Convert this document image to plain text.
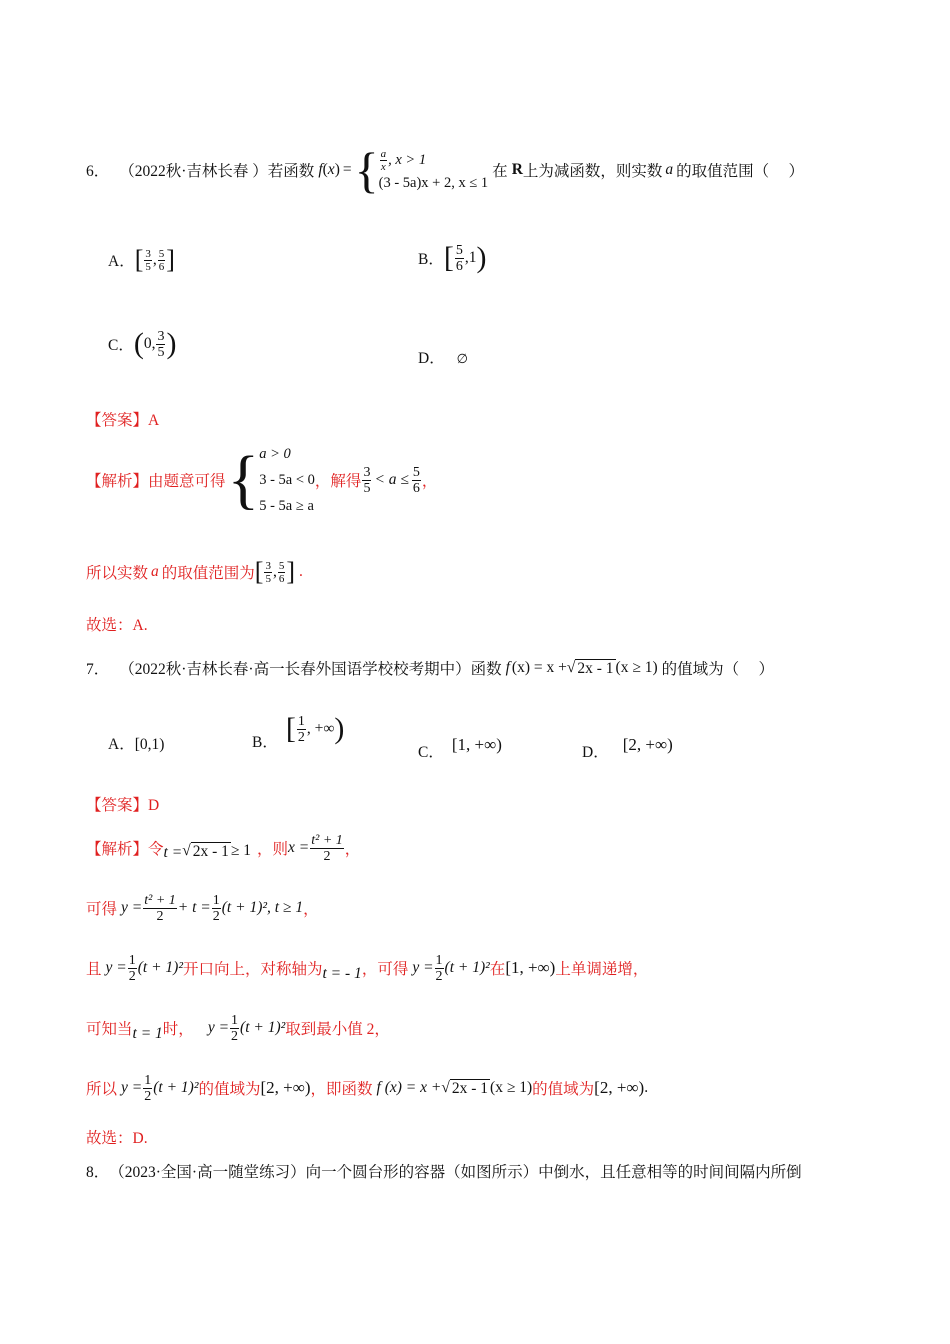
6． （2022秋·吉林长春 ）若函数 f ( x ) = { $\frac{a}{x}$ , x > 1
(3 - 5a)x + 2, x ≤ 1
在 R 上为减函数，则实数 a 的取值范围（　 ）
A． [ $\frac{3}{5}$ , $\frac{5}{6}$ ]	B． [ $\frac{5}{6} ,1$ )
C． ( 0, $\frac{3}{5}$ )	D． ∅
【答案】A
【解析】 由题意可得 { a > 0
3 - 5a < 0
5 - 5a ≥ a
，解得 $\frac{3}{5} < a \le \frac{5}{6}$ ，
所以实数 a 的取值范围为 [ $\frac{3}{5}$ , $\frac{5}{6}$ ] .
故选：A.
7． （2022秋·吉林长春·高一长春外国语学校校考期中）函数 f (x) = x + √ 2x - 1 (x ≥ 1) 的值域为（　 ）
A．[0,1)	B． [ $\frac{1}{2}$ , +∞ )
C． [1, +∞)	D． [2, +∞)
【答案】D
【解析】 令 t = √ 2x - 1 ≥ 1 ，则 $x = \frac{\text{t² + 1}}{2}$ ，
可得 $y = \frac{\text{t² + 1}}{2} + t = \frac{1}{2} (t + 1)^2$, t ≥ 1 ，
且 $y = \frac{1}{2} (t + 1)^2$ 开口向上，对称轴为 t = - 1 ，可得 $y = \frac{1}{2} (t + 1)^2$ 在 [1, +∞) 上单调递增，
可知当 t = 1 时， $y = \frac{1}{2} (t + 1)^2$ 取到最小值 2，
所以 $y = \frac{1}{2} (t + 1)^2$ 的值域为 [2, +∞) ，即函数 f (x) = x + √ 2x - 1 (x ≥ 1) 的值域为 [2, +∞) .
故选：D.
8．　（2023·全国·高一随堂练习）向一个圆台形的容器（如图所示）中倒水，且任意相等的时间间隔内所倒
